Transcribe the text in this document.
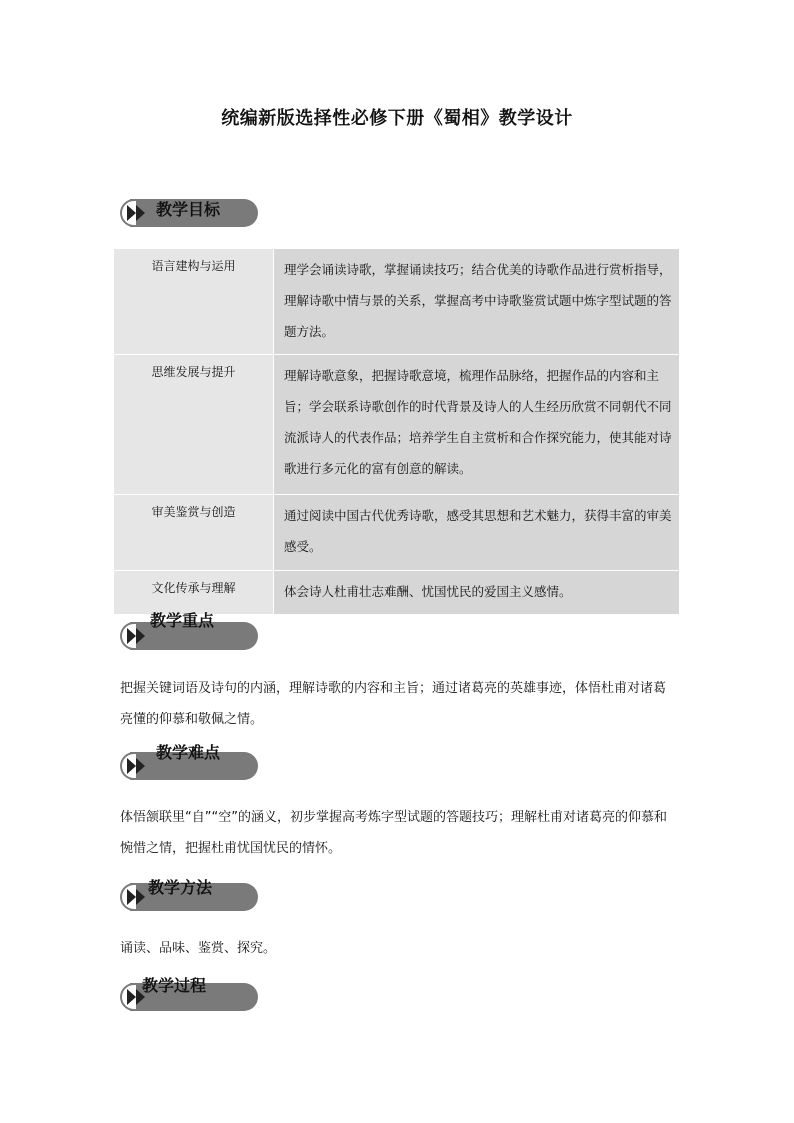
统编新版选择性必修下册《蜀相》教学设计
教学目标
语言建构与运用	理学会诵读诗歌，掌握诵读技巧；结合优美的诗歌作品进行赏析指导，理解诗歌中情与景的关系，掌握高考中诗歌鉴赏试题中炼字型试题的答题方法。
思维发展与提升	理解诗歌意象，把握诗歌意境，梳理作品脉络，把握作品的内容和主旨；学会联系诗歌创作的时代背景及诗人的人生经历欣赏不同朝代不同流派诗人的代表作品；培养学生自主赏析和合作探究能力，使其能对诗歌进行多元化的富有创意的解读。
审美鉴赏与创造	通过阅读中国古代优秀诗歌，感受其思想和艺术魅力，获得丰富的审美感受。
文化传承与理解	体会诗人杜甫壮志难酬、忧国忧民的爱国主义感情。
教学重点
把握关键词语及诗句的内涵，理解诗歌的内容和主旨；通过诸葛亮的英雄事迹，体悟杜甫对诸葛亮懂的仰慕和敬佩之情。
教学难点
体悟颔联里“自”“空”的涵义，初步掌握高考炼字型试题的答题技巧；理解杜甫对诸葛亮的仰慕和惋惜之情，把握杜甫忧国忧民的情怀。
教学方法
诵读、品味、鉴赏、探究。
教学过程
